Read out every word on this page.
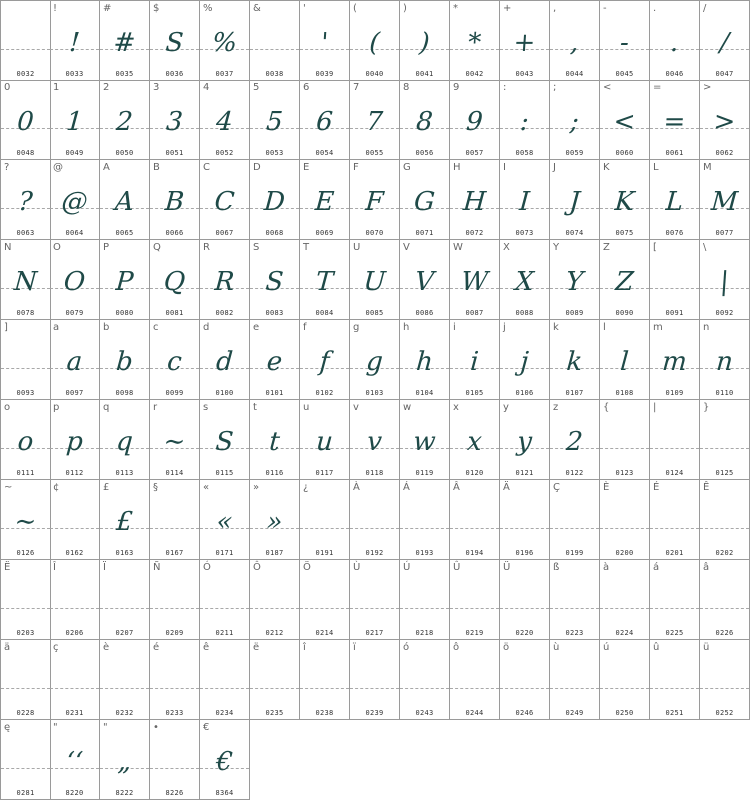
0032
!
!
0033
#
#
0035
$
S
0036
%
%
0037
&
0038
'
'
0039
(
(
0040
)
)
0041
*
*
0042
+
+
0043
,
,
0044
-
-
0045
.
.
0046
/
/
0047
0
0
0048
1
1
0049
2
2
0050
3
3
0051
4
4
0052
5
5
0053
6
6
0054
7
7
0055
8
8
0056
9
9
0057
:
:
0058
;
;
0059
<
<
0060
=
=
0061
>
>
0062
?
?
0063
@
@
0064
A
A
0065
B
B
0066
C
C
0067
D
D
0068
E
E
0069
F
F
0070
G
G
0071
H
H
0072
I
I
0073
J
J
0074
K
K
0075
L
L
0076
M
M
0077
N
N
0078
O
O
0079
P
P
0080
Q
Q
0081
R
R
0082
S
S
0083
T
T
0084
U
U
0085
V
V
0086
W
W
0087
X
X
0088
Y
Y
0089
Z
Z
0090
[
0091
\
|
0092
]
0093
a
a
0097
b
b
0098
c
c
0099
d
d
0100
e
e
0101
f
f
0102
g
g
0103
h
h
0104
i
i
0105
j
j
0106
k
k
0107
l
l
0108
m
m
0109
n
n
0110
o
o
0111
p
p
0112
q
q
0113
r
~
0114
s
S
0115
t
t
0116
u
u
0117
v
v
0118
w
w
0119
x
x
0120
y
y
0121
z
2
0122
{
0123
|
0124
}
0125
~
~
0126
¢
0162
£
£
0163
§
0167
«
«
0171
»
»
0187
¿
0191
À
0192
Á
0193
Â
0194
Ä
0196
Ç
0199
È
0200
É
0201
Ê
0202
Ë
0203
Î
0206
Ï
0207
Ñ
0209
Ó
0211
Ô
0212
Ö
0214
Ù
0217
Ú
0218
Û
0219
Ü
0220
ß
0223
à
0224
á
0225
â
0226
ä
0228
ç
0231
è
0232
é
0233
ê
0234
ë
0235
î
0238
ï
0239
ó
0243
ô
0244
ö
0246
ù
0249
ú
0250
û
0251
ü
0252
ę
0281
"
‘‘
8220
"
„
8222
•
8226
€
€
8364
